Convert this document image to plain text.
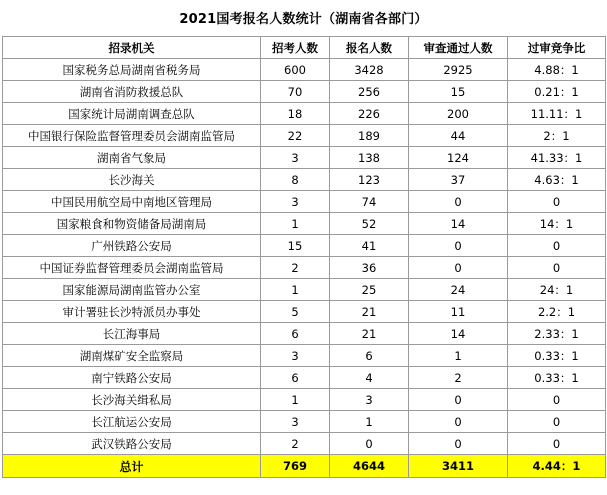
2021国考报名人数统计（湖南省各部门）
招录机关	招考人数	报名人数	审查通过人数	过审竞争比
国家税务总局湖南省税务局	600	3428	2925	4.88：1
湖南省消防救援总队	70	256	15	0.21：1
国家统计局湖南调查总队	18	226	200	11.11：1
中国银行保险监督管理委员会湖南监管局	22	189	44	2：1
湖南省气象局	3	138	124	41.33：1
长沙海关	8	123	37	4.63：1
中国民用航空局中南地区管理局	3	74	0	0
国家粮食和物资储备局湖南局	1	52	14	14：1
广州铁路公安局	15	41	0	0
中国证券监督管理委员会湖南监管局	2	36	0	0
国家能源局湖南监管办公室	1	25	24	24：1
审计署驻长沙特派员办事处	5	21	11	2.2：1
长江海事局	6	21	14	2.33：1
湖南煤矿安全监察局	3	6	1	0.33：1
南宁铁路公安局	6	4	2	0.33：1
长沙海关缉私局	1	3	0	0
长江航运公安局	3	1	0	0
武汉铁路公安局	2	0	0	0
总计	769	4644	3411	4.44：1
